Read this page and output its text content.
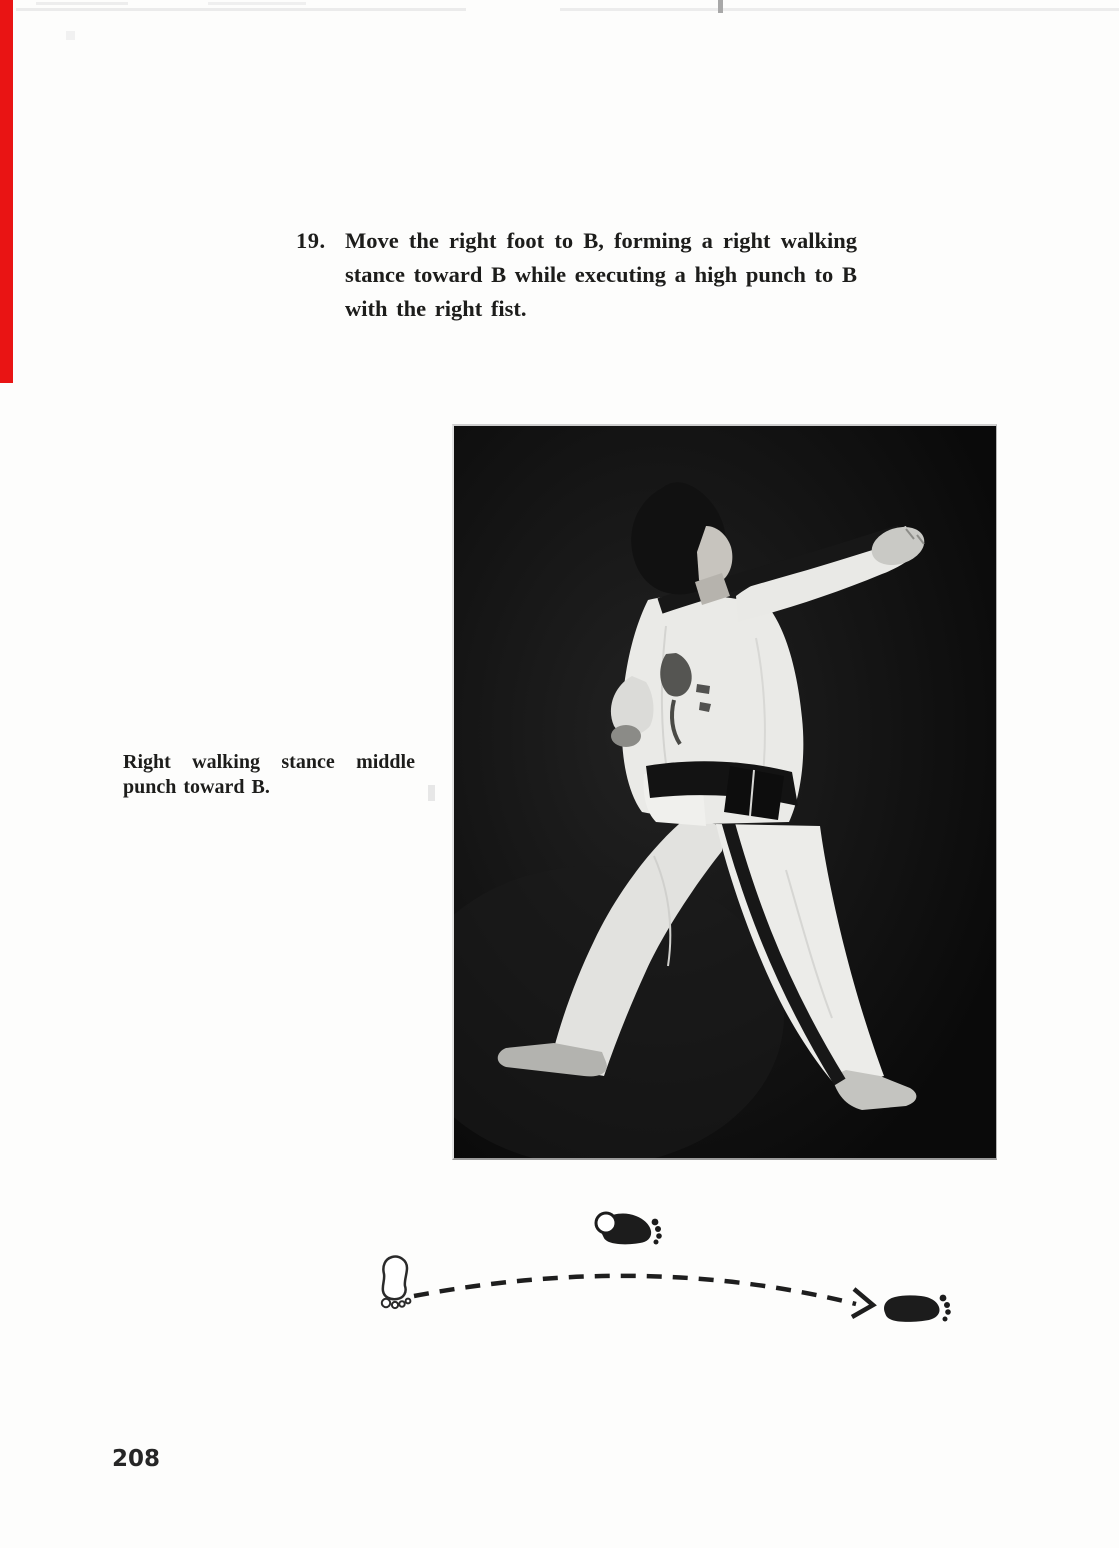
19. Move the right foot to B, forming a right walking stance toward B while executing a high punch to B with the right fist.
Right walking stance middle punch toward B.
208
